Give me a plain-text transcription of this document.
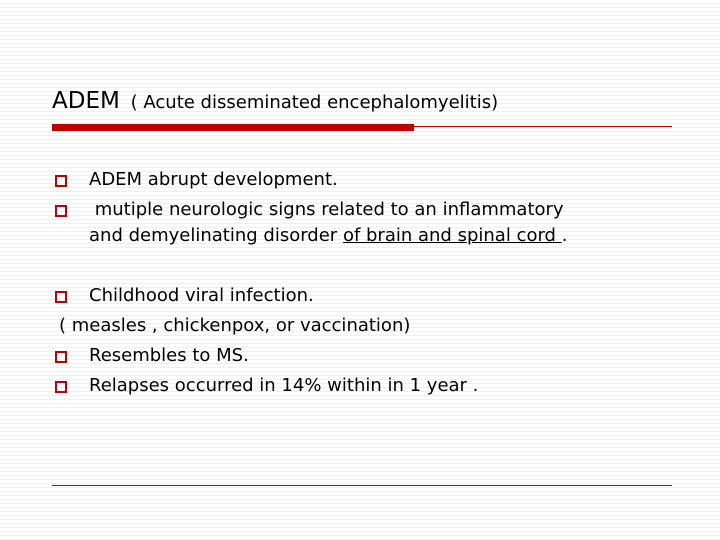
ADEM ( Acute disseminated encephalomyelitis)
ADEM abrupt development.
mutiple neurologic signs related to an inflammatory
and demyelinating disorder of brain and spinal cord .
Childhood viral infection.
( measles , chickenpox, or vaccination)
Resembles to MS.
Relapses occurred in 14% within in 1 year .
